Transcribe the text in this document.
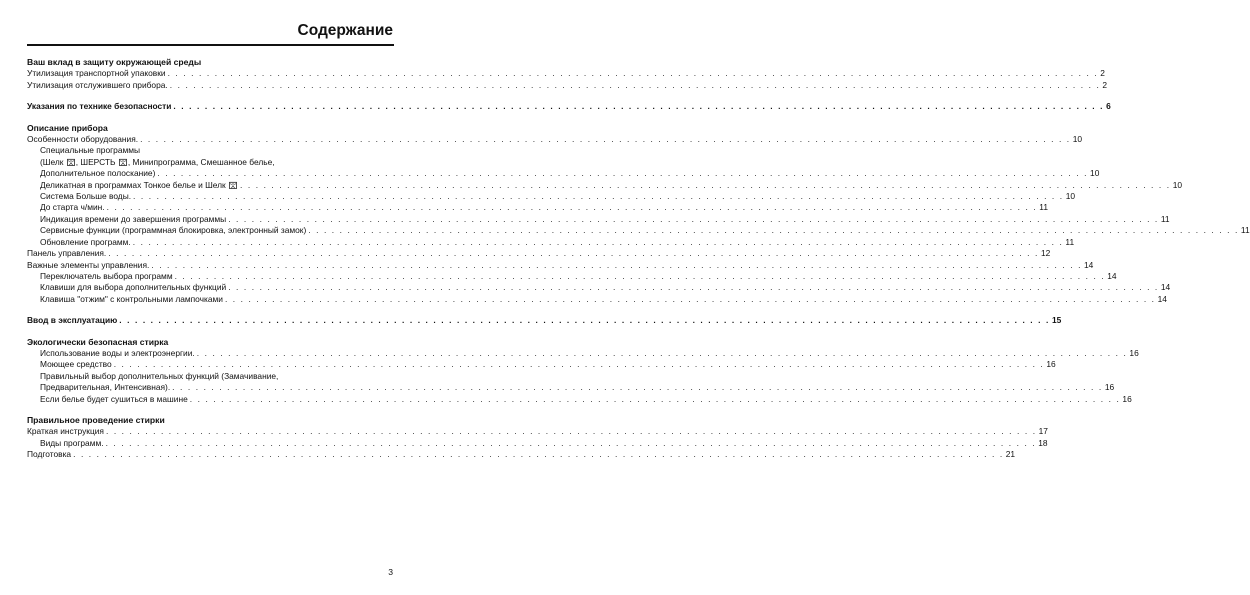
Содержание
Ваш вклад в защиту окружающей среды
Утилизация транспортной упаковки . . .	2
Утилизация отслужившего прибора. . . .	2
Указания по технике безопасности . . .	6
Описание прибора
Особенности оборудования. . . .	10
Специальные программы
(Шелк , ШЕРСТЬ , Минипрограмма, Смешанное белье,
Дополнительное полоскание) . . .	10
Деликатная в программах Тонкое белье и Шелк . . .	10
Система Больше воды. . . .	10
До старта ч/мин. . . .	11
Индикация времени до завершения программы . . .	11
Сервисные функции (программная блокировка, электронный замок) . . .	11
Обновление программ. . . .	11
Панель управления. . . .	12
Важные элементы управления. . . .	14
Переключатель выбора программ . . .	14
Клавиши для выбора дополнительных функций . . .	14
Клавиша "отжим" с контрольными лампочками . . .	14
Ввод в эксплуатацию . . .	15
Экологически безопасная стирка
Использование воды и электроэнергии. . . .	16
Моющее средство . . .	16
Правильный выбор дополнительных функций (Замачивание,
Предварительная, Интенсивная). . . .	16
Если белье будет сушиться в машине . . .	16
Правильное проведение стирки
Краткая инструкция . . .	17
Виды программ. . . .	18
Подготовка . . .	21
3
